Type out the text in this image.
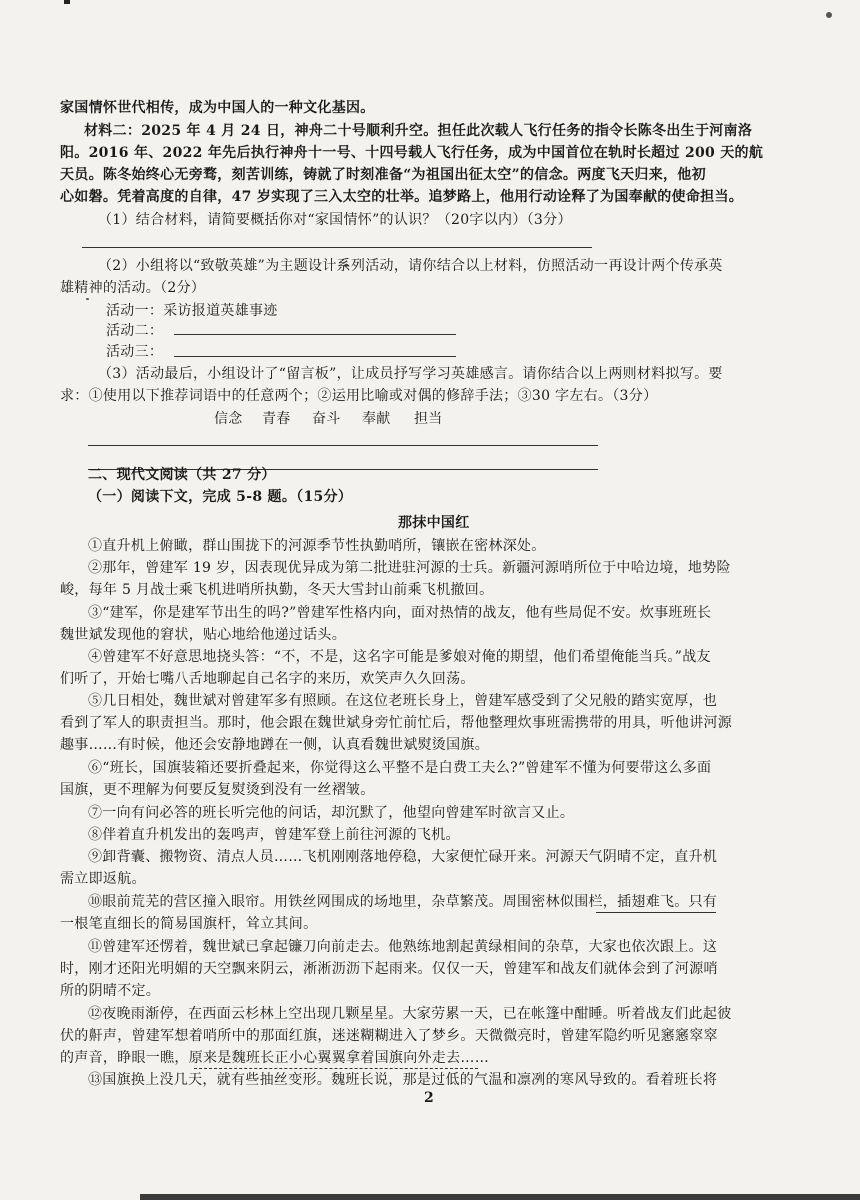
家国情怀世代相传，成为中国人的一种文化基因。
材料二：2025 年 4 月 24 日，神舟二十号顺利升空。担任此次载人飞行任务的指令长陈冬出生于河南洛
阳。2016 年、2022 年先后执行神舟十一号、十四号载人飞行任务，成为中国首位在轨时长超过 200 天的航
天员。陈冬始终心无旁骛，刻苦训练，铸就了时刻准备“为祖国出征太空”的信念。两度飞天归来，他初
心如磐。凭着高度的自律，47 岁实现了三入太空的壮举。追梦路上，他用行动诠释了为国奉献的使命担当。
（1）结合材料，请简要概括你对“家国情怀”的认识？（20字以内）（3分）
（2）小组将以“致敬英雄”为主题设计系列活动，请你结合以上材料，仿照活动一再设计两个传承英
雄精神的活动。（2分）
活动一：采访报道英雄事迹
活动二：
活动三：
（3）活动最后，小组设计了“留言板”，让成员抒写学习英雄感言。请你结合以上两则材料拟写。要
求：①使用以下推荐词语中的任意两个；②运用比喻或对偶的修辞手法；③30 字左右。（3分）
信念 青春 奋斗 奉献 担当
二、现代文阅读（共 27 分）
（一）阅读下文，完成 5-8 题。（15分）
那抹中国红
①直升机上俯瞰，群山围拢下的河源季节性执勤哨所，镶嵌在密林深处。
②那年，曾建军 19 岁，因表现优异成为第二批进驻河源的士兵。新疆河源哨所位于中哈边境，地势险
峻，每年 5 月战士乘飞机进哨所执勤，冬天大雪封山前乘飞机撤回。
③“建军，你是建军节出生的吗?”曾建军性格内向，面对热情的战友，他有些局促不安。炊事班班长
魏世斌发现他的窘状，贴心地给他递过话头。
④曾建军不好意思地挠头答：“不，不是，这名字可能是爹娘对俺的期望，他们希望俺能当兵。”战友
们听了，开始七嘴八舌地聊起自己名字的来历，欢笑声久久回荡。
⑤几日相处，魏世斌对曾建军多有照顾。在这位老班长身上，曾建军感受到了父兄般的踏实宽厚，也
看到了军人的职责担当。那时，他会跟在魏世斌身旁忙前忙后，帮他整理炊事班需携带的用具，听他讲河源
趣事……有时候，他还会安静地蹲在一侧，认真看魏世斌熨烫国旗。
⑥“班长，国旗装箱还要折叠起来，你觉得这么平整不是白费工夫么?”曾建军不懂为何要带这么多面
国旗，更不理解为何要反复熨烫到没有一丝褶皱。
⑦一向有问必答的班长听完他的问话，却沉默了，他望向曾建军时欲言又止。
⑧伴着直升机发出的轰鸣声，曾建军登上前往河源的飞机。
⑨卸背囊、搬物资、清点人员……飞机刚刚落地停稳，大家便忙碌开来。河源天气阴晴不定，直升机
需立即返航。
⑩眼前荒芜的营区撞入眼帘。用铁丝网围成的场地里，杂草繁茂。周围密林似围栏，插翅难飞。只有
一根笔直细长的简易国旗杆，耸立其间。
⑪曾建军还愣着，魏世斌已拿起镰刀向前走去。他熟练地割起黄绿相间的杂草，大家也依次跟上。这
时，刚才还阳光明媚的天空飘来阴云，淅淅沥沥下起雨来。仅仅一天，曾建军和战友们就体会到了河源哨
所的阴晴不定。
⑫夜晚雨渐停，在西面云杉林上空出现几颗星星。大家劳累一天，已在帐篷中酣睡。听着战友们此起彼
伏的鼾声，曾建军想着哨所中的那面红旗，迷迷糊糊进入了梦乡。天微微亮时，曾建军隐约听见窸窸窣窣
的声音，睁眼一瞧，原来是魏班长正小心翼翼拿着国旗向外走去……
⑬国旗换上没几天，就有些抽丝变形。魏班长说，那是过低的气温和凛冽的寒风导致的。看着班长将
2
